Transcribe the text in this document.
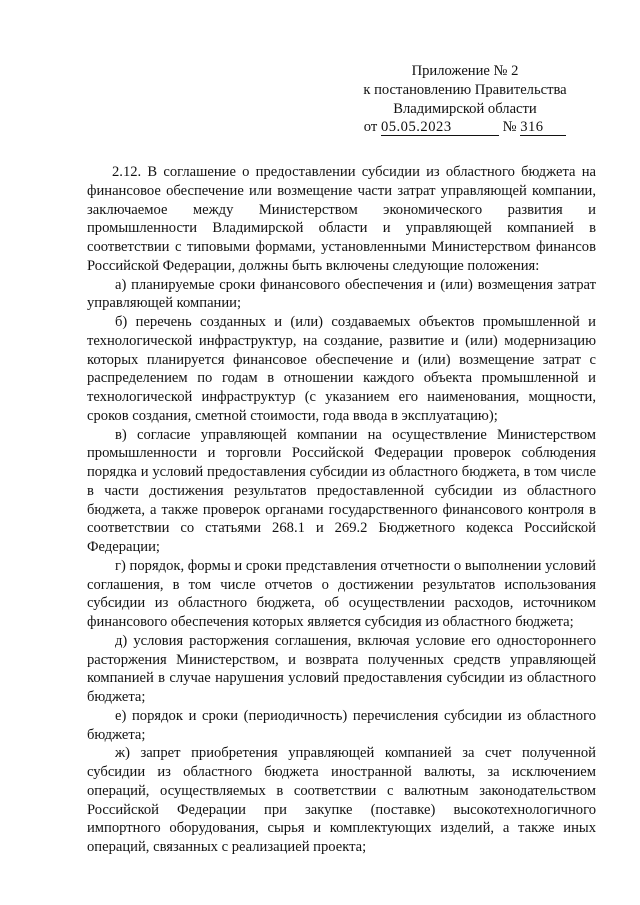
Приложение № 2
к постановлению Правительства
Владимирской области
от 05.05.2023	№ 316

2.12. В соглашение о предоставлении субсидии из областного бюджета на финансовое обеспечение или возмещение части затрат управляющей компании, заключаемое между Министерством экономического развития и промышленности Владимирской области и управляющей компанией в соответствии с типовыми формами, установленными Министерством финансов Российской Федерации, должны быть включены следующие положения:

а) планируемые сроки финансового обеспечения и (или) возмещения затрат управляющей компании;

б) перечень созданных и (или) создаваемых объектов промышленной и технологической инфраструктур, на создание, развитие и (или) модернизацию которых планируется финансовое обеспечение и (или) возмещение затрат с распределением по годам в отношении каждого объекта промышленной и технологической инфраструктур (с указанием его наименования, мощности, сроков создания, сметной стоимости, года ввода в эксплуатацию);

в) согласие управляющей компании на осуществление Министерством промышленности и торговли Российской Федерации проверок соблюдения порядка и условий предоставления субсидии из областного бюджета, в том числе в части достижения результатов предоставленной субсидии из областного бюджета, а также проверок органами государственного финансового контроля в соответствии со статьями 268.1 и 269.2 Бюджетного кодекса Российской Федерации;

г) порядок, формы и сроки представления отчетности о выполнении условий соглашения, в том числе отчетов о достижении результатов использования субсидии из областного бюджета, об осуществлении расходов, источником финансового обеспечения которых является субсидия из областного бюджета;

д) условия расторжения соглашения, включая условие его одностороннего расторжения Министерством, и возврата полученных средств управляющей компанией в случае нарушения условий предоставления субсидии из областного бюджета;

е) порядок и сроки (периодичность) перечисления субсидии из областного бюджета;

ж) запрет приобретения управляющей компанией за счет полученной субсидии из областного бюджета иностранной валюты, за исключением операций, осуществляемых в соответствии с валютным законодательством Российской Федерации при закупке (поставке) высокотехнологичного импортного оборудования, сырья и комплектующих изделий, а также иных операций, связанных с реализацией проекта;
